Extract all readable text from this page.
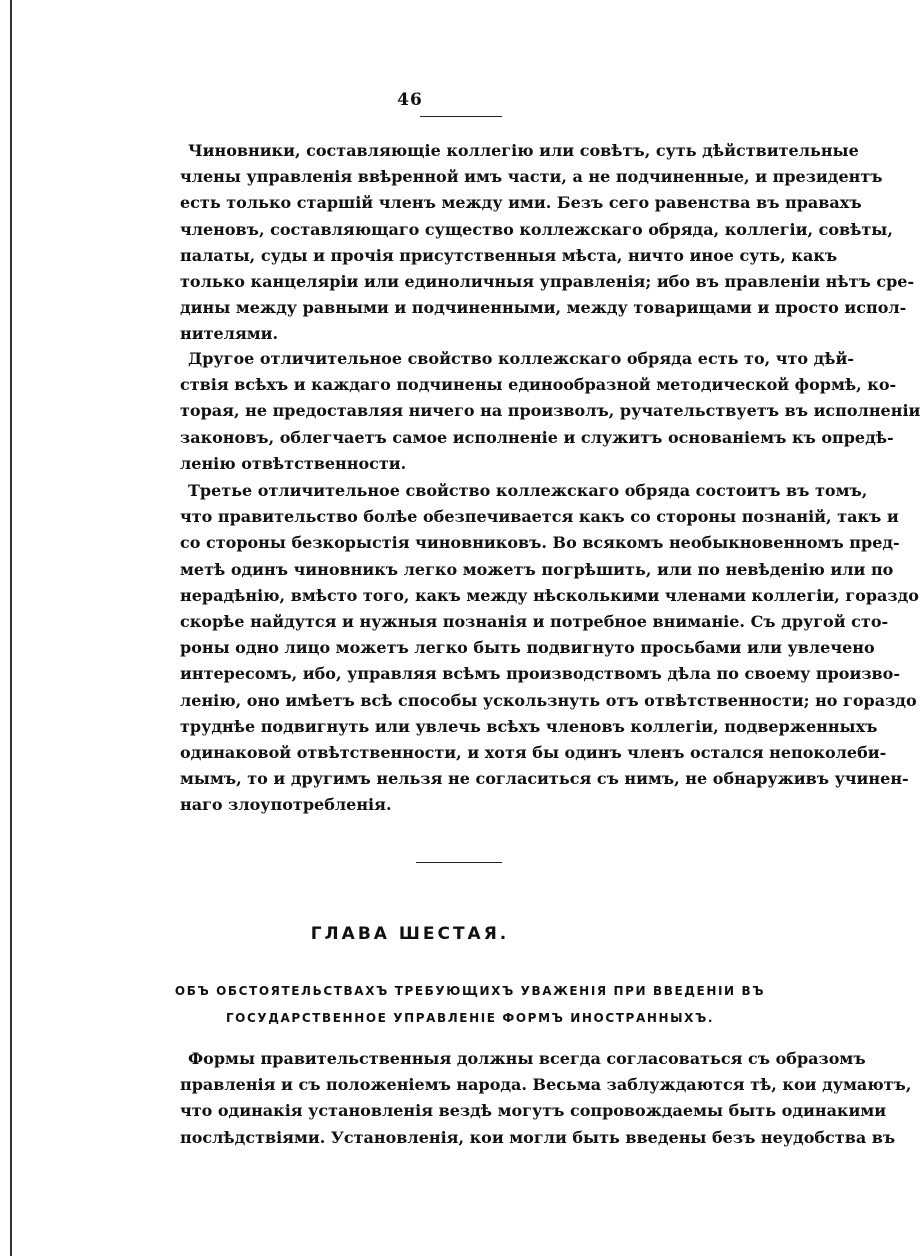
46
Чиновники, составляющіе коллегію или совѣтъ, суть дѣйствительные
члены управленія ввѣренной имъ части, а не подчиненные, и президентъ
есть только старшій членъ между ими. Безъ сего равенства въ правахъ
членовъ, составляющаго существо коллежскаго обряда, коллегіи, совѣты,
палаты, суды и прочія присутственныя мѣста, ничто иное суть, какъ
только канцеляріи или единоличныя управленія; ибо въ правленіи нѣтъ сре-
дины между равными и подчиненными, между товарищами и просто испол-
нителями.
Другое отличительное свойство коллежскаго обряда есть то, что дѣй-
ствія всѣхъ и каждаго подчинены единообразной методической формѣ, ко-
торая, не предоставляя ничего на произволъ, ручательствуетъ въ исполненіи
законовъ, облегчаетъ самое исполненіе и служитъ основаніемъ къ опредѣ-
ленію отвѣтственности.
Третье отличительное свойство коллежскаго обряда состоитъ въ томъ,
что правительство болѣе обезпечивается какъ со стороны познаній, такъ и
со стороны безкорыстія чиновниковъ. Во всякомъ необыкновенномъ пред-
метѣ одинъ чиновникъ легко можетъ погрѣшить, или по невѣденію или по
нерадѣнію, вмѣсто того, какъ между нѣсколькими членами коллегіи, гораздо
скорѣе найдутся и нужныя познанія и потребное вниманіе. Съ другой сто-
роны одно лицо можетъ легко быть подвигнуто просьбами или увлечено
интересомъ, ибо, управляя всѣмъ производствомъ дѣла по своему произво-
ленію, оно имѣетъ всѣ способы ускользнуть отъ отвѣтственности; но гораздо
труднѣе подвигнуть или увлечь всѣхъ членовъ коллегіи, подверженныхъ
одинаковой отвѣтственности, и хотя бы одинъ членъ остался непоколеби-
мымъ, то и другимъ нельзя не согласиться съ нимъ, не обнаруживъ учинен-
наго злоупотребленія.
ГЛАВА ШЕСТАЯ.
ОБЪ ОБСТОЯТЕЛЬСТВАХЪ ТРЕБУЮЩИХЪ УВАЖЕНІЯ ПРИ ВВЕДЕНІИ ВЪ
ГОСУДАРСТВЕННОЕ УПРАВЛЕНІЕ ФОРМЪ ИНОСТРАННЫХЪ.
Формы правительственныя должны всегда согласоваться съ образомъ
правленія и съ положеніемъ народа. Весьма заблуждаются тѣ, кои думаютъ,
что одинакія установленія вездѣ могутъ сопровождаемы быть одинакими
послѣдствіями. Установленія, кои могли быть введены безъ неудобства въ
